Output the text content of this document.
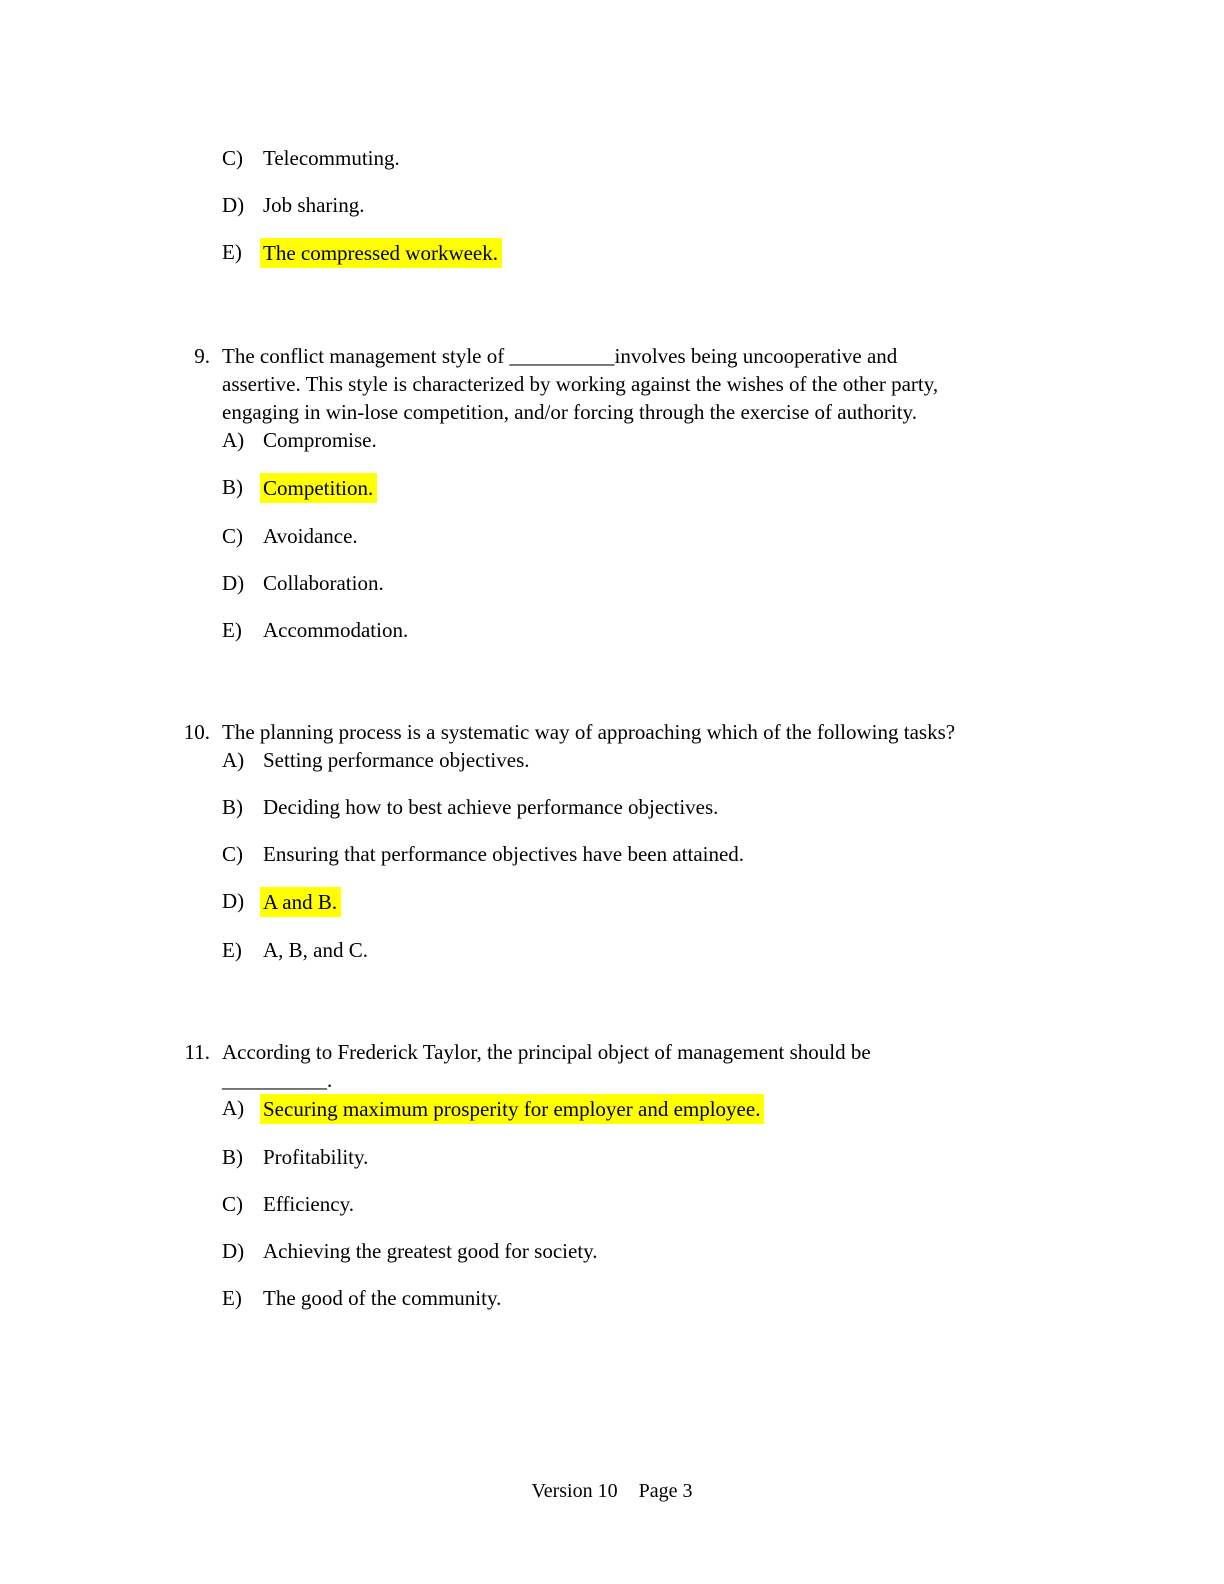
C) Telecommuting.
D) Job sharing.
E)	The compressed workweek.
9. The conflict management style of __________involves being uncooperative and
assertive. This style is characterized by working against the wishes of the other party,
engaging in win-lose competition, and/or forcing through the exercise of authority.
A) Compromise.
B) Competition.
C) Avoidance.
D) Collaboration.
E)	Accommodation.
10. The planning process is a systematic way of approaching which of the following tasks?
A) Setting performance objectives.
B) Deciding how to best achieve performance objectives.
C) Ensuring that performance objectives have been attained.
D) A and B.
E)	A, B, and C.
11. According to Frederick Taylor, the principal object of management should be
__________.
A) Securing maximum prosperity for employer and employee.
B) Profitability.
C) Efficiency.
D) Achieving the greatest good for society.
E)	The good of the community.
Version 10 Page 3
